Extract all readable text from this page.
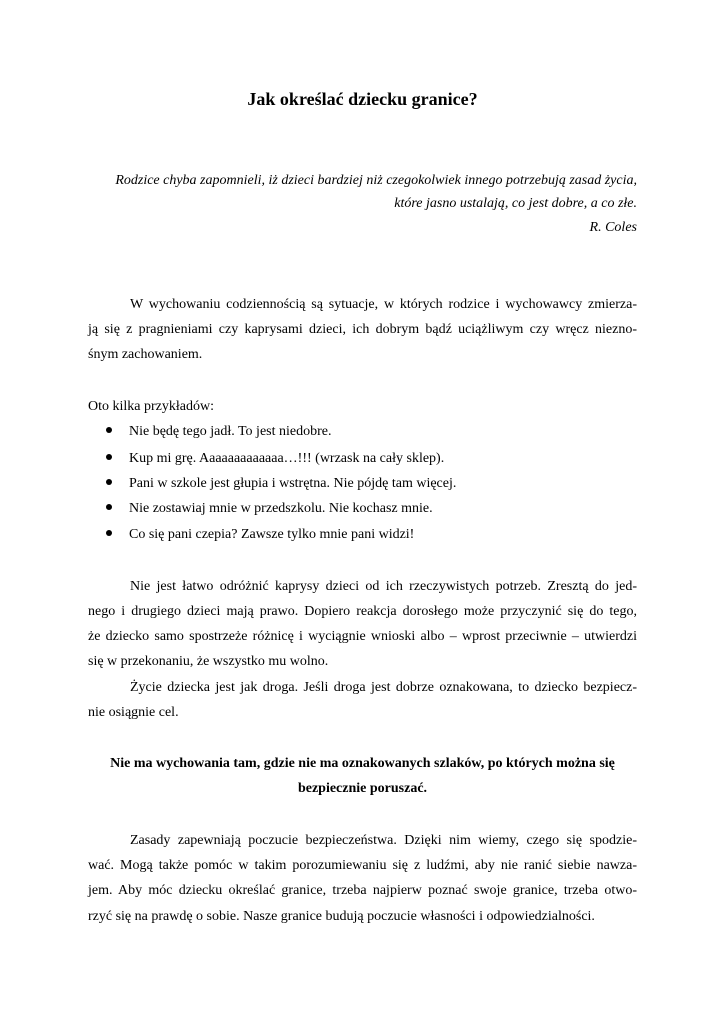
Jak określać dziecku granice?
Rodzice chyba zapomnieli, iż dzieci bardziej niż czegokolwiek innego potrzebują zasad życia,
które jasno ustalają, co jest dobre, a co złe.
R. Coles
W wychowaniu codziennością są sytuacje, w których rodzice i wychowawcy zmierza-
ją się z pragnieniami czy kaprysami dzieci, ich dobrym bądź uciążliwym czy wręcz niezno-
śnym zachowaniem.
Oto kilka przykładów:
Nie będę tego jadł. To jest niedobre.
Kup mi grę. Aaaaaaaaaaaaa…!!! (wrzask na cały sklep).
Pani w szkole jest głupia i wstrętna. Nie pójdę tam więcej.
Nie zostawiaj mnie w przedszkolu. Nie kochasz mnie.
Co się pani czepia? Zawsze tylko mnie pani widzi!
Nie jest łatwo odróżnić kaprysy dzieci od ich rzeczywistych potrzeb. Zresztą do jed-
nego i drugiego dzieci mają prawo. Dopiero reakcja dorosłego może przyczynić się do tego,
że dziecko samo spostrzeże różnicę i wyciągnie wnioski albo – wprost przeciwnie – utwierdzi
się w przekonaniu, że wszystko mu wolno.
Życie dziecka jest jak droga. Jeśli droga jest dobrze oznakowana, to dziecko bezpiecz-
nie osiągnie cel.
Nie ma wychowania tam, gdzie nie ma oznakowanych szlaków, po których można się
bezpiecznie poruszać.
Zasady zapewniają poczucie bezpieczeństwa. Dzięki nim wiemy, czego się spodzie-
wać. Mogą także pomóc w takim porozumiewaniu się z ludźmi, aby nie ranić siebie nawza-
jem. Aby móc dziecku określać granice, trzeba najpierw poznać swoje granice, trzeba otwo-
rzyć się na prawdę o sobie. Nasze granice budują poczucie własności i odpowiedzialności.
